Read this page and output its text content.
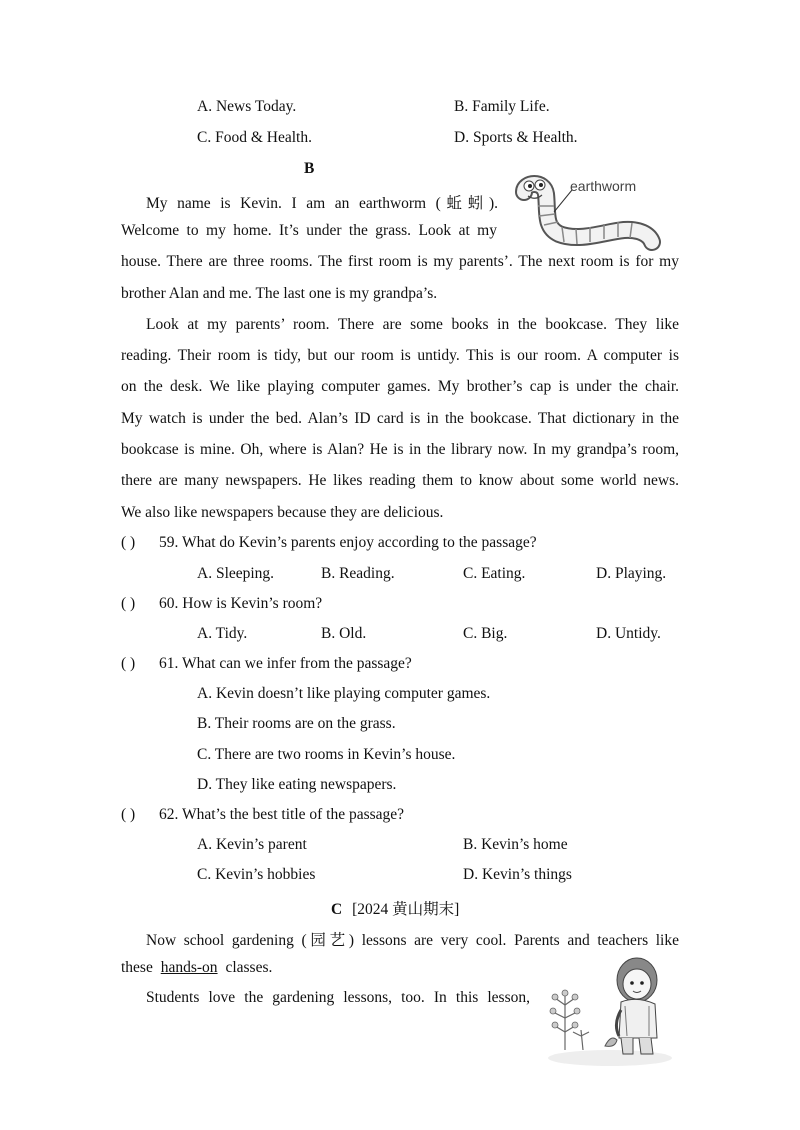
A. News Today.	B. Family Life.
C. Food & Health.	D. Sports & Health.
B
earthworm
My name is Kevin. I am an earthworm (蚯蚓).
Welcome to my home. It’s under the grass. Look at my
house. There are three rooms. The first room is my parents’. The next room is for my
brother Alan and me. The last one is my grandpa’s.
Look at my parents’ room. There are some books in the bookcase. They like
reading. Their room is tidy, but our room is untidy. This is our room. A computer is
on the desk. We like playing computer games. My brother’s cap is under the chair.
My watch is under the bed. Alan’s ID card is in the bookcase. That dictionary in the
bookcase is mine. Oh, where is Alan? He is in the library now. In my grandpa’s room,
there are many newspapers. He likes reading them to know about some world news.
We also like newspapers because they are delicious.
( ) 59. What do Kevin’s parents enjoy according to the passage?
A. Sleeping.	B. Reading.	C. Eating.	D. Playing.
( ) 60. How is Kevin’s room?
A. Tidy.	B. Old.	C. Big.	D. Untidy.
( ) 61. What can we infer from the passage?
A. Kevin doesn’t like playing computer games.
B. Their rooms are on the grass.
C. There are two rooms in Kevin’s house.
D. They like eating newspapers.
( ) 62. What’s the best title of the passage?
A. Kevin’s parent	B. Kevin’s home
C. Kevin’s hobbies	D. Kevin’s things
C [2024 黄山期末]
Now school gardening (园艺) lessons are very cool. Parents and teachers like
these hands-on classes.
Students love the gardening lessons, too. In this lesson,
